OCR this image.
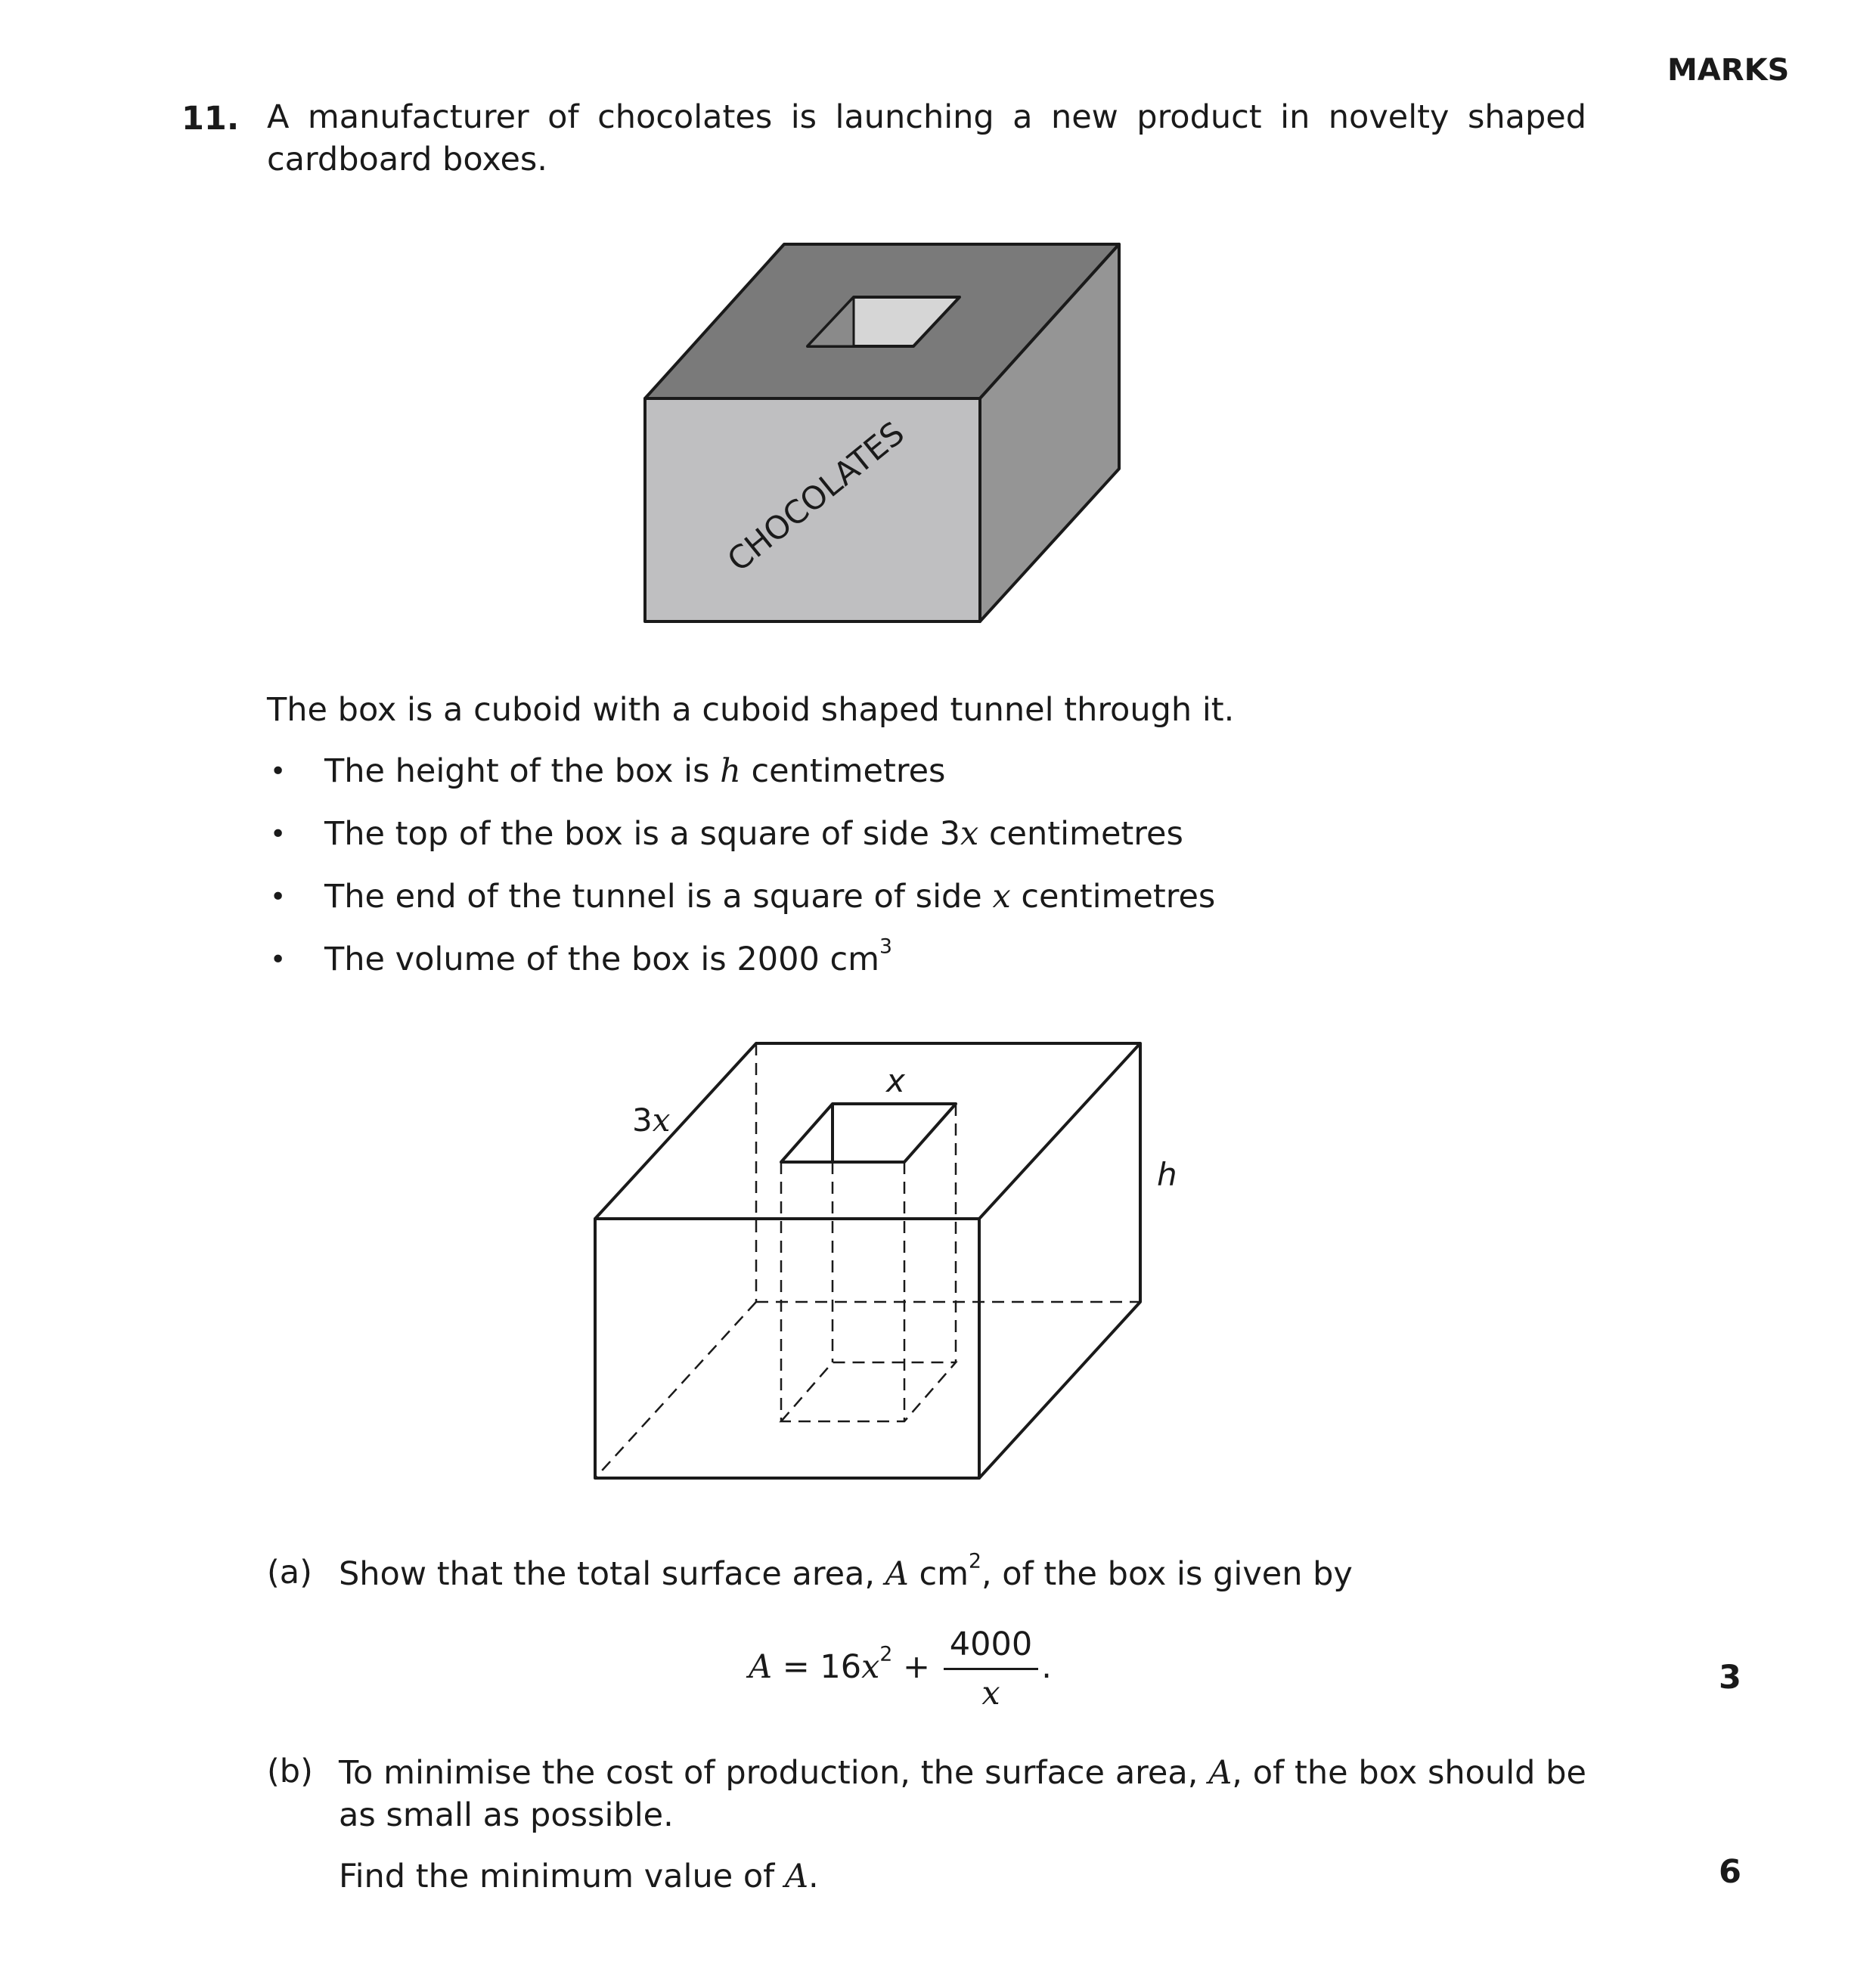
MARKS
11. A manufacturer of chocolates is launching a new product in novelty shaped cardboard boxes.
CHOCOLATES
The box is a cuboid with a cuboid shaped tunnel through it.
• The height of the box is h centimetres
• The top of the box is a square of side 3x centimetres
• The end of the tunnel is a square of side x centimetres
• The volume of the box is 2000 $cm^3$
3x
x
h
(a) Show that the total surface area, A $cm^2$, of the box is given by
$A = 16x^2 + \frac{4000}{x}$ .	3
(b) To minimise the cost of production, the surface area, A, of the box should be as small as possible.
Find the minimum value of A.	6
